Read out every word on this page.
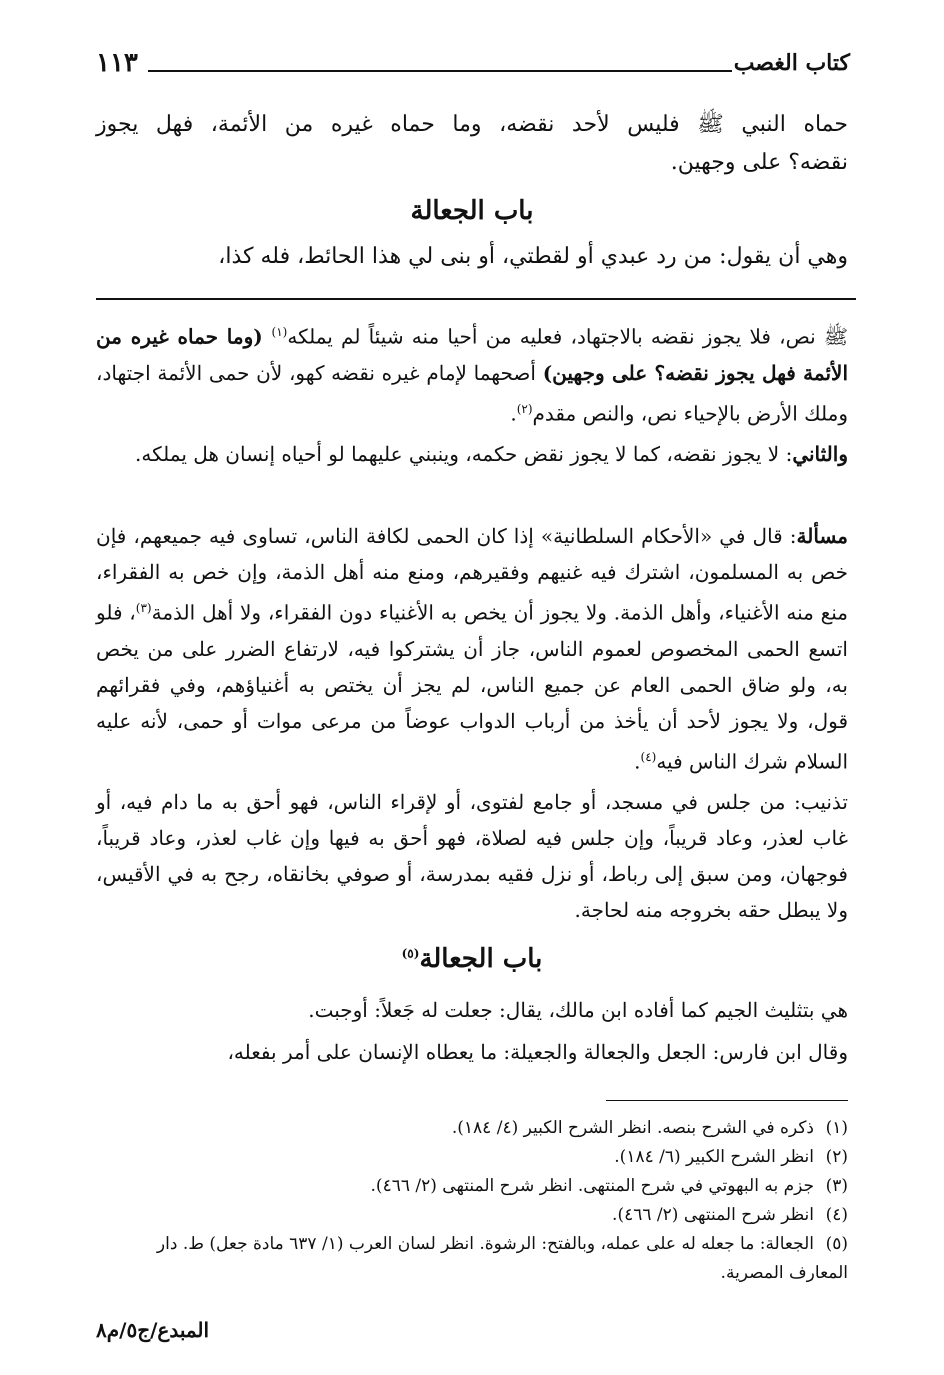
كتاب الغصب
١١٣
حماه النبي ﷺ فليس لأحد نقضه، وما حماه غيره من الأئمة، فهل يجوز
نقضه؟ على وجهين.
باب الجعالة
وهي أن يقول: من رد عبدي أو لقطتي، أو بنى لي هذا الحائط، فله كذا،
ﷺ نص، فلا يجوز نقضه بالاجتهاد، فعليه من أحيا منه شيئاً لم يملكه$^{(١)}$ (وما حماه غيره من الأئمة فهل يجوز نقضه؟ على وجهين) أصحهما لإمام غيره نقضه كهو، لأن حمى الأئمة اجتهاد، وملك الأرض بالإحياء نص، والنص مقدم$^{(٢)}$.
والثاني: لا يجوز نقضه، كما لا يجوز نقض حكمه، وينبني عليهما لو أحياه إنسان هل يملكه.
مسألة: قال في «الأحكام السلطانية» إذا كان الحمى لكافة الناس، تساوى فيه جميعهم، فإن خص به المسلمون، اشترك فيه غنيهم وفقيرهم، ومنع منه أهل الذمة، وإن خص به الفقراء، منع منه الأغنياء، وأهل الذمة. ولا يجوز أن يخص به الأغنياء دون الفقراء، ولا أهل الذمة$^{(٣)}$، فلو اتسع الحمى المخصوص لعموم الناس، جاز أن يشتركوا فيه، لارتفاع الضرر على من يخص به، ولو ضاق الحمى العام عن جميع الناس، لم يجز أن يختص به أغنياؤهم، وفي فقرائهم قول، ولا يجوز لأحد أن يأخذ من أرباب الدواب عوضاً من مرعى موات أو حمى، لأنه عليه السلام شرك الناس فيه$^{(٤)}$.
تذنيب: من جلس في مسجد، أو جامع لفتوى، أو لإقراء الناس، فهو أحق به ما دام فيه، أو غاب لعذر، وعاد قريباً، وإن جلس فيه لصلاة، فهو أحق به فيها وإن غاب لعذر، وعاد قريباً، فوجهان، ومن سبق إلى رباط، أو نزل فقيه بمدرسة، أو صوفي بخانقاه، رجح به في الأقيس، ولا يبطل حقه بخروجه منه لحاجة.
باب الجعالة$^{(٥)}$
هي بتثليث الجيم كما أفاده ابن مالك، يقال: جعلت له جَعلاً: أوجبت.
وقال ابن فارس: الجعل والجعالة والجعيلة: ما يعطاه الإنسان على أمر بفعله،
(١)ذكره في الشرح بنصه. انظر الشرح الكبير (٤/ ١٨٤).
(٢)انظر الشرح الكبير (٦/ ١٨٤).
(٣)جزم به البهوتي في شرح المنتهى. انظر شرح المنتهى (٢/ ٤٦٦).
(٤)انظر شرح المنتهى (٢/ ٤٦٦).
(٥)الجعالة: ما جعله له على عمله، وبالفتح: الرشوة. انظر لسان العرب (١/ ٦٣٧ مادة جعل) ط. دار المعارف المصرية.
المبدع/ج٥/م٨
